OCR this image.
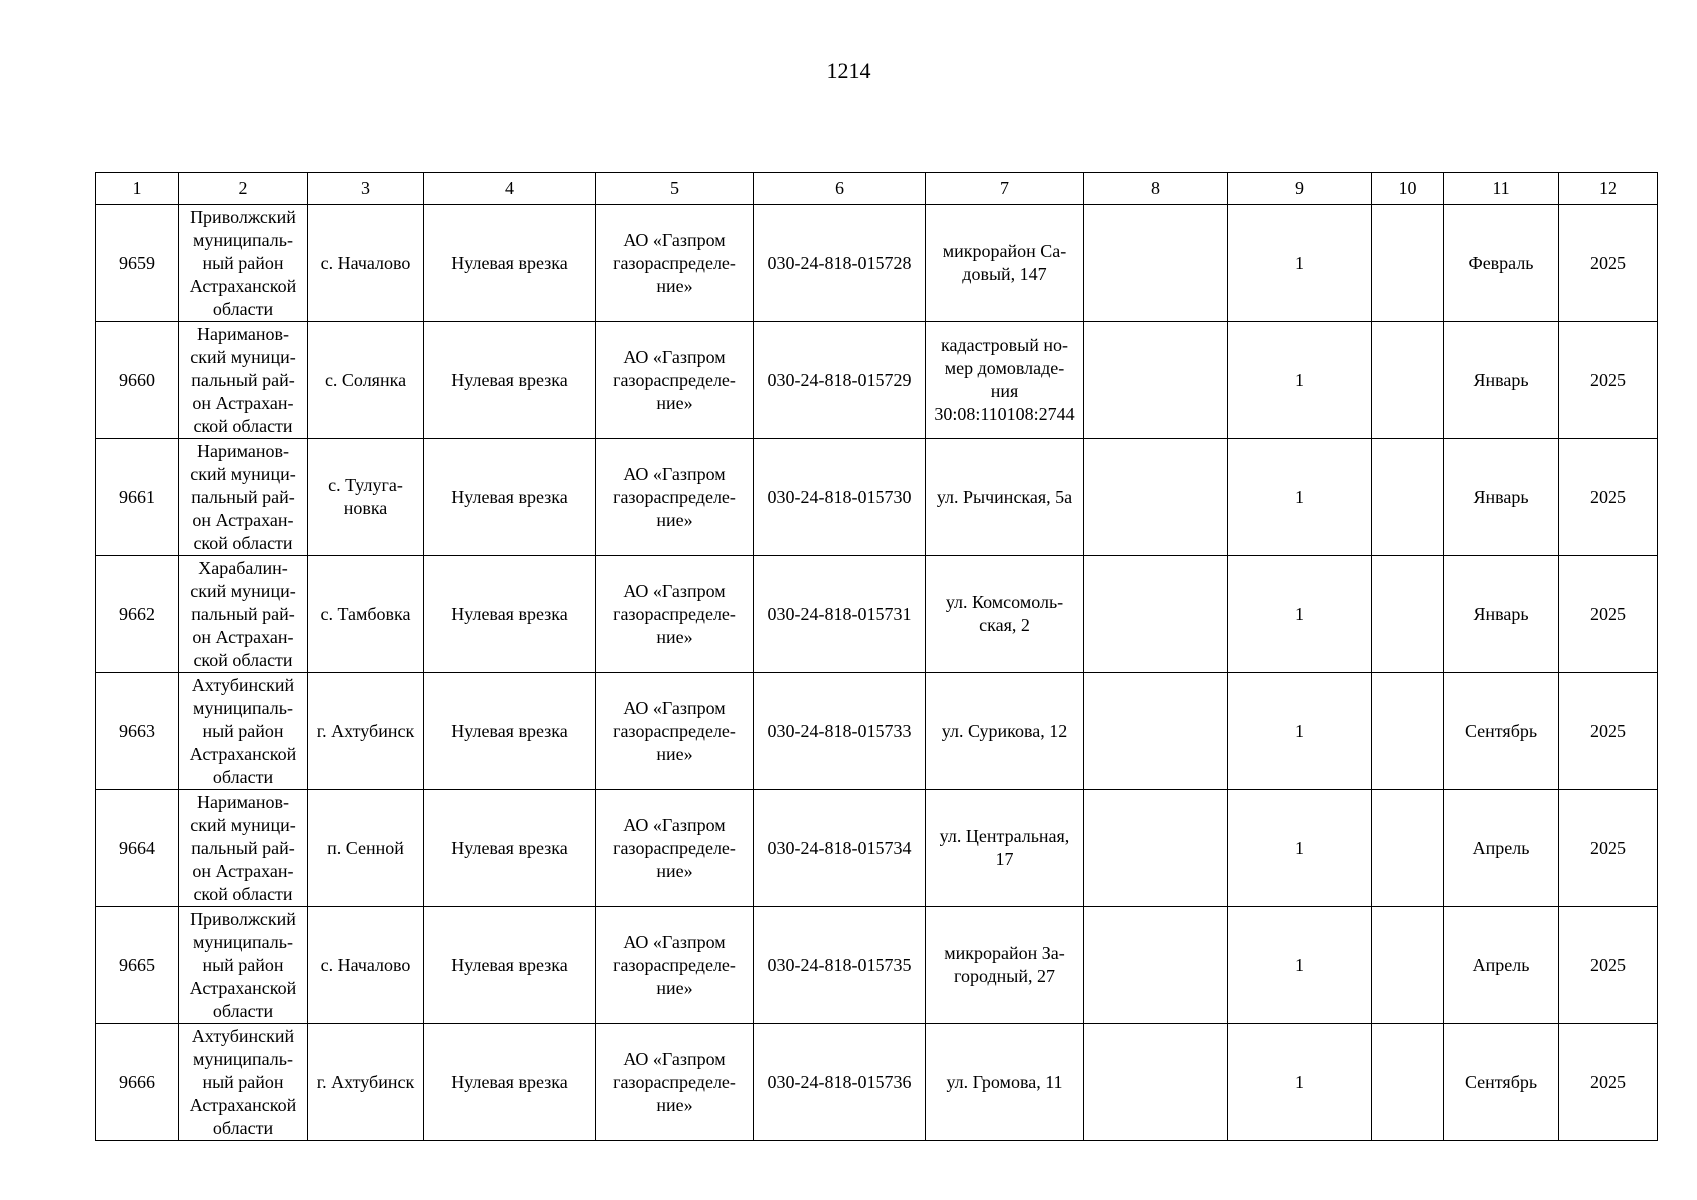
1214
1	2	3	4	5	6	7	8	9	10	11	12
9659	Приволжский
муниципаль-
ный район
Астраханской
области	с. Началово	Нулевая врезка	АО «Газпром
газораспределе-
ние»	030-24-818-015728	микрорайон Са-
довый, 147		1		Февраль	2025
9660	Нариманов-
ский муници-
пальный рай-
он Астрахан-
ской области	с. Солянка	Нулевая врезка	АО «Газпром
газораспределе-
ние»	030-24-818-015729	кадастровый но-
мер домовладе-
ния
30:08:110108:2744		1		Январь	2025
9661	Нариманов-
ский муници-
пальный рай-
он Астрахан-
ской области	с. Тулуга-
новка	Нулевая врезка	АО «Газпром
газораспределе-
ние»	030-24-818-015730	ул. Рычинская, 5а		1		Январь	2025
9662	Харабалин-
ский муници-
пальный рай-
он Астрахан-
ской области	с. Тамбовка	Нулевая врезка	АО «Газпром
газораспределе-
ние»	030-24-818-015731	ул. Комсомоль-
ская, 2		1		Январь	2025
9663	Ахтубинский
муниципаль-
ный район
Астраханской
области	г. Ахтубинск	Нулевая врезка	АО «Газпром
газораспределе-
ние»	030-24-818-015733	ул. Сурикова, 12		1		Сентябрь	2025
9664	Нариманов-
ский муници-
пальный рай-
он Астрахан-
ской области	п. Сенной	Нулевая врезка	АО «Газпром
газораспределе-
ние»	030-24-818-015734	ул. Центральная,
17		1		Апрель	2025
9665	Приволжский
муниципаль-
ный район
Астраханской
области	с. Началово	Нулевая врезка	АО «Газпром
газораспределе-
ние»	030-24-818-015735	микрорайон За-
городный, 27		1		Апрель	2025
9666	Ахтубинский
муниципаль-
ный район
Астраханской
области	г. Ахтубинск	Нулевая врезка	АО «Газпром
газораспределе-
ние»	030-24-818-015736	ул. Громова, 11		1		Сентябрь	2025
